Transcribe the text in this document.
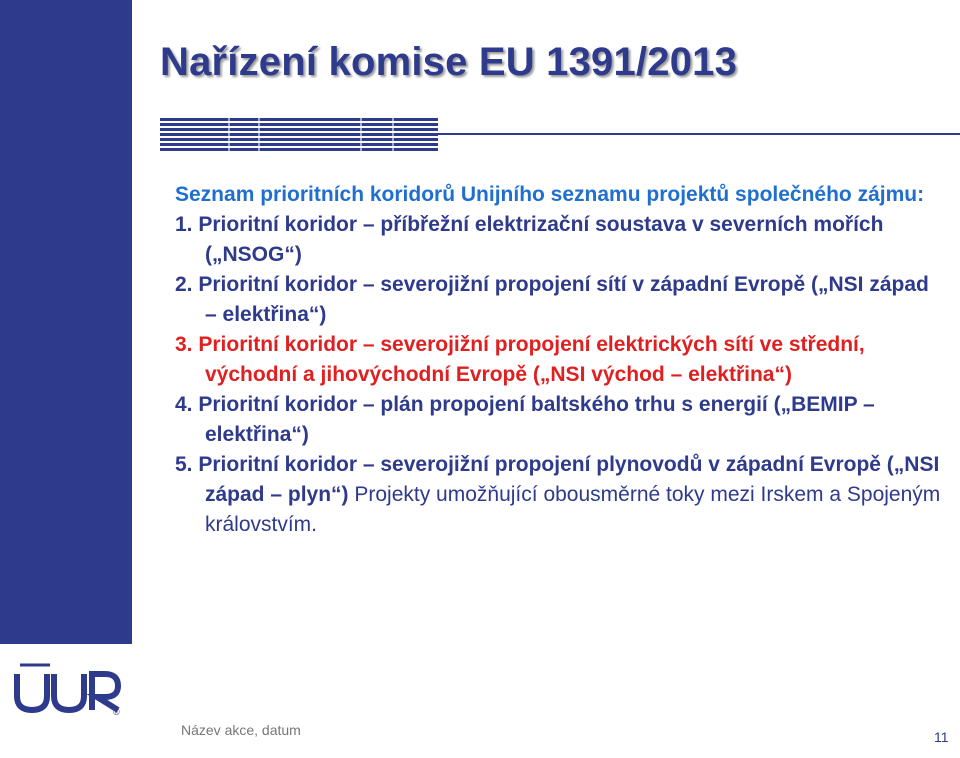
®
Nařízení komise EU 1391/2013
Seznam prioritních koridorů Unijního seznamu projektů společného zájmu:
1. Prioritní koridor – příbřežní elektrizační soustava v severních mořích („NSOG“)
2. Prioritní koridor – severojižní propojení sítí v západní Evropě („NSI západ – elektřina“)
3. Prioritní koridor – severojižní propojení elektrických sítí ve střední, východní a jihovýchodní Evropě („NSI východ – elektřina“)
4. Prioritní koridor – plán propojení baltského trhu s energií („BEMIP – elektřina“)
5. Prioritní koridor – severojižní propojení plynovodů v západní Evropě („NSI západ – plyn“) Projekty umožňující obousměrné toky mezi Irskem a Spojeným královstvím.
Název akce, datum	11
